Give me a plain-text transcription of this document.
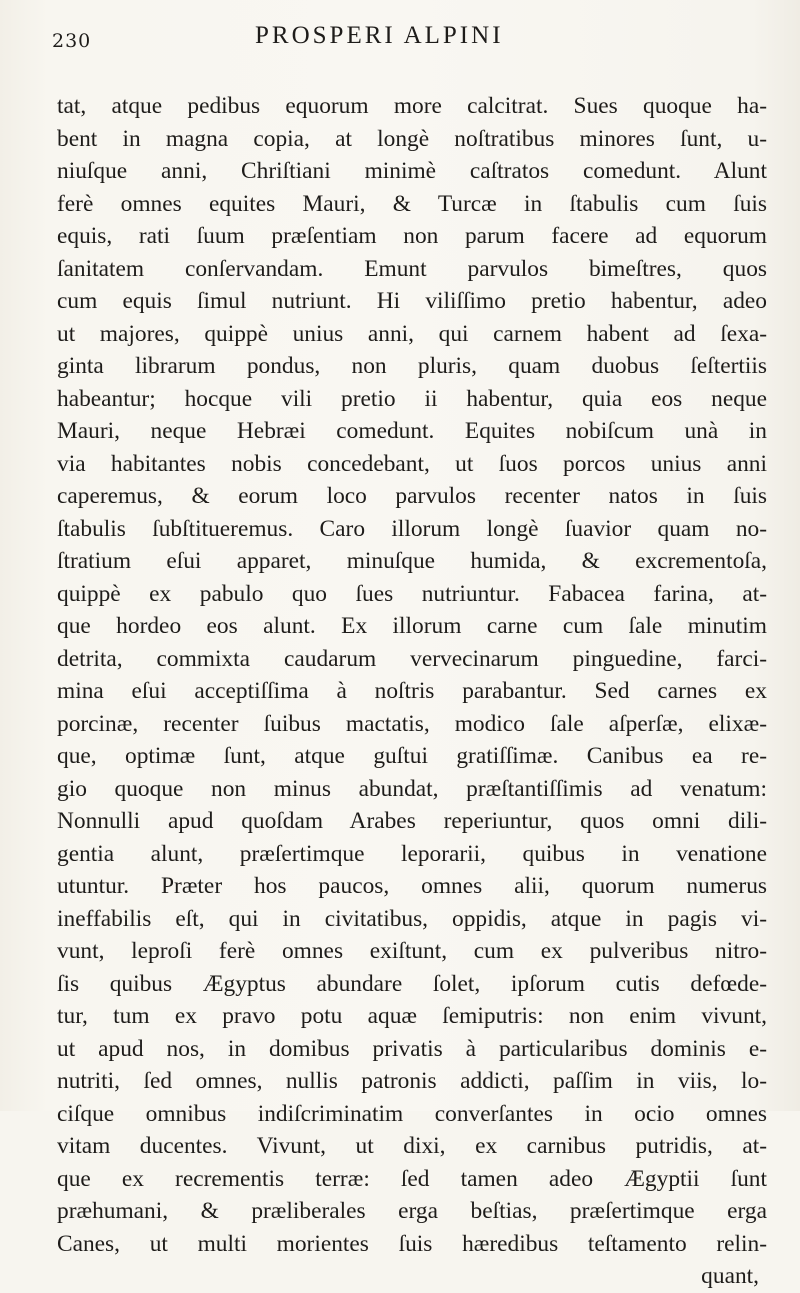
230	PROSPERI ALPINI
tat, atque pedibus equorum more calcitrat. Sues quoque ha-
bent in magna copia, at longè noſtratibus minores ſunt, u-
niuſque anni, Chriſtiani minimè caſtratos comedunt. Alunt
ferè omnes equites Mauri, & Turcæ in ſtabulis cum ſuis
equis, rati ſuum præſentiam non parum facere ad equorum
ſanitatem conſervandam. Emunt parvulos bimeſtres, quos
cum equis ſimul nutriunt. Hi viliſſimo pretio habentur, adeo
ut majores, quippè unius anni, qui carnem habent ad ſexa-
ginta librarum pondus, non pluris, quam duobus ſeſtertiis
habeantur; hocque vili pretio ii habentur, quia eos neque
Mauri, neque Hebræi comedunt. Equites nobiſcum unà in
via habitantes nobis concedebant, ut ſuos porcos unius anni
caperemus, & eorum loco parvulos recenter natos in ſuis
ſtabulis ſubſtitueremus. Caro illorum longè ſuavior quam no-
ſtratium eſui apparet, minuſque humida, & excrementoſa,
quippè ex pabulo quo ſues nutriuntur. Fabacea farina, at-
que hordeo eos alunt. Ex illorum carne cum ſale minutim
detrita, commixta caudarum vervecinarum pinguedine, farci-
mina eſui acceptiſſima à noſtris parabantur. Sed carnes ex
porcinæ, recenter ſuibus mactatis, modico ſale aſperſæ, elixæ-
que, optimæ ſunt, atque guſtui gratiſſimæ. Canibus ea re-
gio quoque non minus abundat, præſtantiſſimis ad venatum:
Nonnulli apud quoſdam Arabes reperiuntur, quos omni dili-
gentia alunt, præſertimque leporarii, quibus in venatione
utuntur. Præter hos paucos, omnes alii, quorum numerus
ineffabilis eſt, qui in civitatibus, oppidis, atque in pagis vi-
vunt, leproſi ferè omnes exiſtunt, cum ex pulveribus nitro-
ſis quibus Ægyptus abundare ſolet, ipſorum cutis defœde-
tur, tum ex pravo potu aquæ ſemiputris: non enim vivunt,
ut apud nos, in domibus privatis à particularibus dominis e-
nutriti, ſed omnes, nullis patronis addicti, paſſim in viis, lo-
ciſque omnibus indiſcriminatim converſantes in ocio omnes
vitam ducentes. Vivunt, ut dixi, ex carnibus putridis, at-
que ex recrementis terræ: ſed tamen adeo Ægyptii ſunt
præhumani, & præliberales erga beſtias, præſertimque erga
Canes, ut multi morientes ſuis hæredibus teſtamento relin-
quant,
